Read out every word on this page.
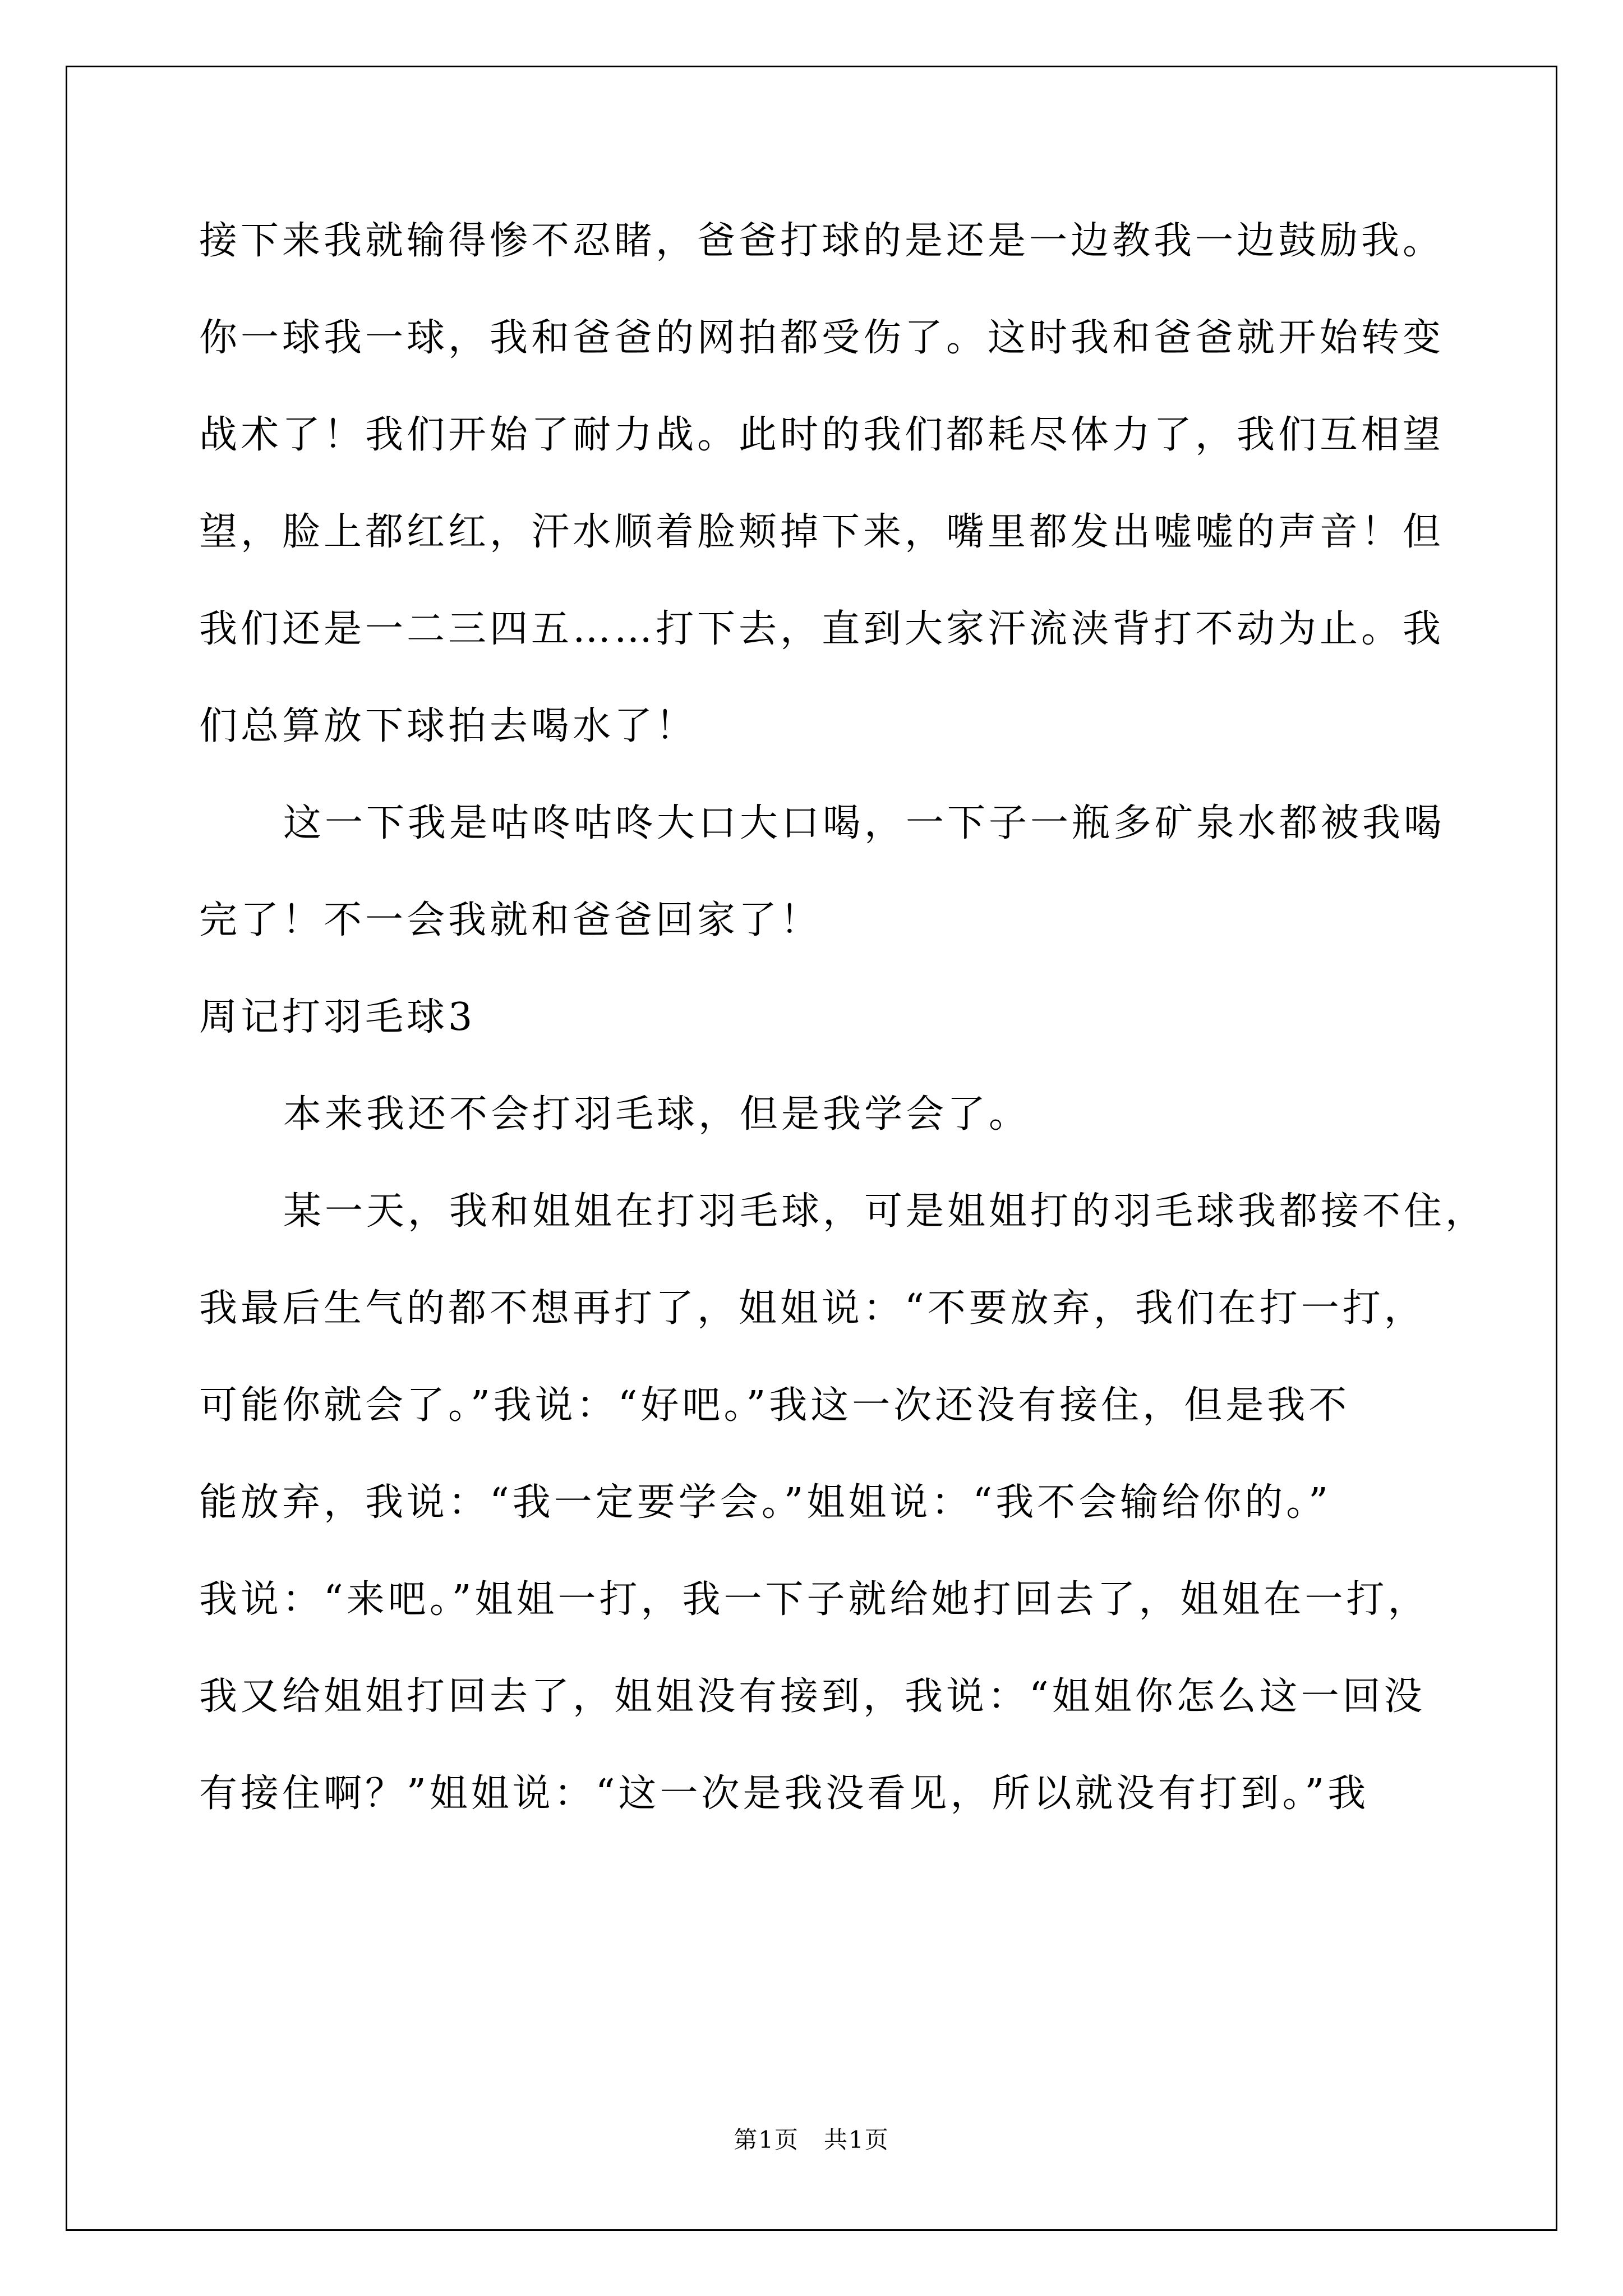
接下来我就输得惨不忍睹，爸爸打球的是还是一边教我一边鼓励我。
你一球我一球，我和爸爸的网拍都受伤了。这时我和爸爸就开始转变
战术了！我们开始了耐力战。此时的我们都耗尽体力了，我们互相望
望，脸上都红红，汗水顺着脸颊掉下来，嘴里都发出嘘嘘的声音！但
我们还是一二三四五……打下去，直到大家汗流浃背打不动为止。我
们总算放下球拍去喝水了！
这一下我是咕咚咕咚大口大口喝，一下子一瓶多矿泉水都被我喝
完了！不一会我就和爸爸回家了！
周记打羽毛球3
本来我还不会打羽毛球，但是我学会了。
某一天，我和姐姐在打羽毛球，可是姐姐打的羽毛球我都接不住，
我最后生气的都不想再打了，姐姐说：“不要放弃，我们在打一打，
可能你就会了。”我说：“好吧。”我这一次还没有接住，但是我不
能放弃，我说：“我一定要学会。”姐姐说：“我不会输给你的。”
我说：“来吧。”姐姐一打，我一下子就给她打回去了，姐姐在一打，
我又给姐姐打回去了，姐姐没有接到，我说：“姐姐你怎么这一回没
有接住啊？”姐姐说：“这一次是我没看见，所以就没有打到。”我
第1页　共1页
